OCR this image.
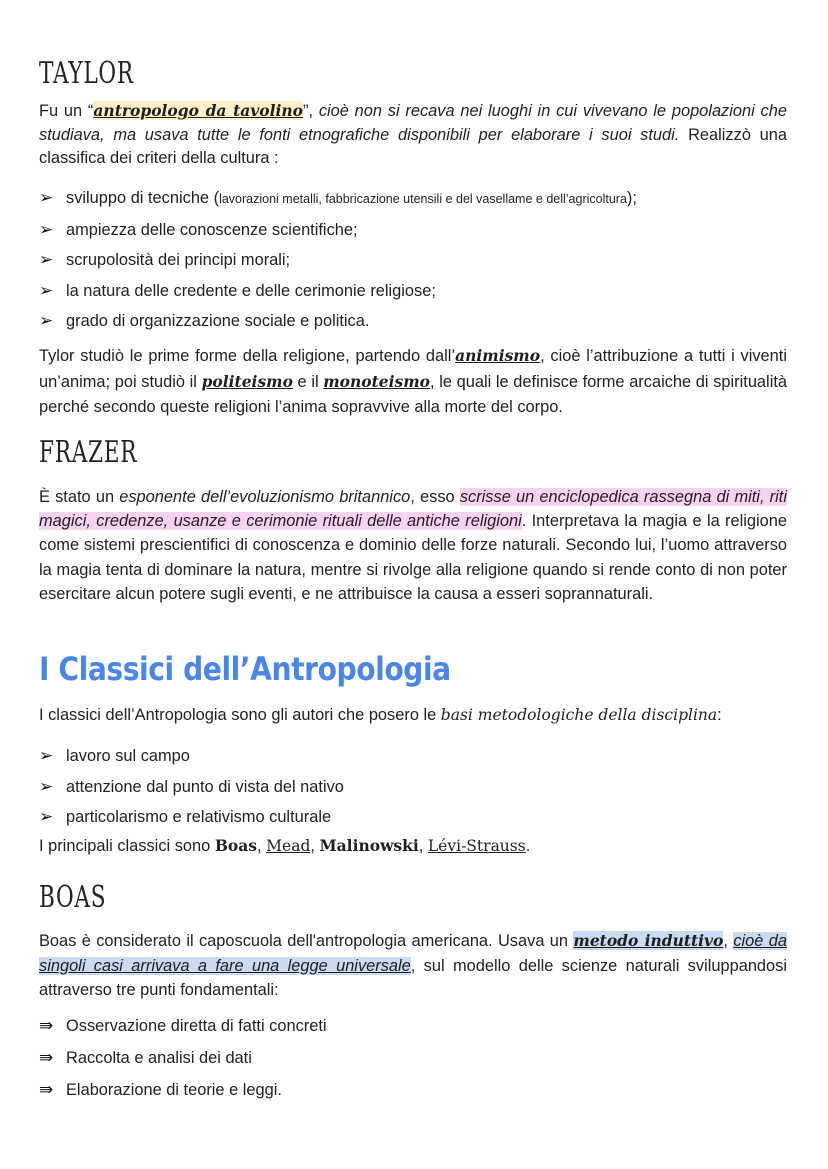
TAYLOR

Fu un “antropologo da tavolino”, cioè non si recava nei luoghi in cui vivevano le popolazioni che studiava, ma usava tutte le fonti etnografiche disponibili per elaborare i suoi studi. Realizzò una classifica dei criteri della cultura :

➢ sviluppo di tecniche (lavorazioni metalli, fabbricazione utensili e del vasellame e dell’agricoltura);
➢ ampiezza delle conoscenze scientifiche;
➢ scrupolosità dei principi morali;
➢ la natura delle credente e delle cerimonie religiose;
➢ grado di organizzazione sociale e politica.

Tylor studiò le prime forme della religione, partendo dall’animismo, cioè l’attribuzione a tutti i viventi un’anima; poi studiò il politeismo e il monoteismo, le quali le definisce forme arcaiche di spiritualità perché secondo queste religioni l’anima sopravvive alla morte del corpo.

FRAZER

È stato un esponente dell’evoluzionismo britannico, esso scrisse un enciclopedica rassegna di miti, riti magici, credenze, usanze e cerimonie rituali delle antiche religioni. Interpretava la magia e la religione come sistemi prescientifici di conoscenza e dominio delle forze naturali. Secondo lui, l’uomo attraverso la magia tenta di dominare la natura, mentre si rivolge alla religione quando si rende conto di non poter esercitare alcun potere sugli eventi, e ne attribuisce la causa a esseri soprannaturali.

I Classici dell’Antropologia

I classici dell’Antropologia sono gli autori che posero le basi metodologiche della disciplina:

➢ lavoro sul campo
➢ attenzione dal punto di vista del nativo
➢ particolarismo e relativismo culturale

I principali classici sono Boas, Mead, Malinowski, Lévi-Strauss.

BOAS

Boas è considerato il caposcuola dell'antropologia americana. Usava un metodo induttivo, cioè da singoli casi arrivava a fare una legge universale, sul modello delle scienze naturali sviluppandosi attraverso tre punti fondamentali:

⇛ Osservazione diretta di fatti concreti
⇛ Raccolta e analisi dei dati
⇛ Elaborazione di teorie e leggi.
